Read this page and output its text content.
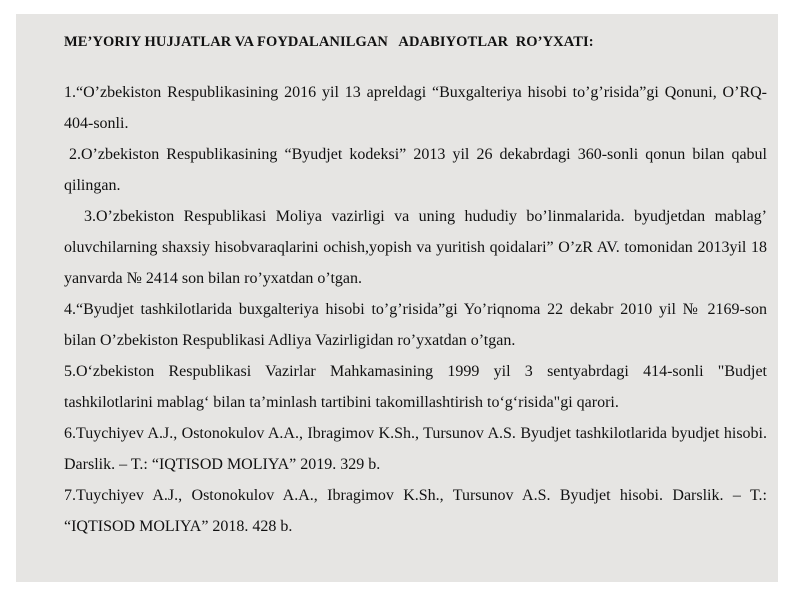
ME’YORIY HUJJATLAR VA FOYDALANILGAN   ADABIYOTLAR  RO’YXATI:
1.“O’zbekiston Respublikasining 2016 yil 13 apreldagi “Buxgalteriya hisobi to’g’risida”gi Qonuni, O’RQ-404-sonli.
2.O’zbekiston Respublikasining “Byudjet kodeksi” 2013 yil 26 dekabrdagi 360-sonli qonun bilan qabul qilingan.
3.O’zbekiston Respublikasi Moliya vazirligi va uning hududiy bo’linmalarida. byudjetdan mablag’ oluvchilarning shaxsiy hisobvaraqlarini ochish,yopish va yuritish qoidalari” O’zR AV. tomonidan 2013yil 18 yanvarda № 2414 son bilan ro’yxatdan o’tgan.
4.“Byudjet tashkilotlarida buxgalteriya hisobi to’g’risida”gi Yo’riqnoma 22 dekabr 2010 yil № 2169-son bilan O’zbekiston Respublikasi Adliya Vazirligidan ro’yxatdan o’tgan.
5.O‘zbekiston Respublikasi Vazirlar Mahkamasining 1999 yil 3 sentyabrdagi 414-sonli "Budjet tashkilotlarini mablag‘ bilan ta’minlash tartibini takomillashtirish to‘g‘risida"gi qarori.
6.Tuychiyev A.J., Ostonokulov A.A., Ibragimov K.Sh., Tursunov A.S. Byudjet tashkilotlarida byudjet hisobi. Darslik. – T.: “IQTISOD MOLIYA” 2019. 329 b.
7.Tuychiyev A.J., Ostonokulov A.A., Ibragimov K.Sh., Tursunov A.S. Byudjet hisobi. Darslik. – T.: “IQTISOD MOLIYA” 2018. 428 b.
